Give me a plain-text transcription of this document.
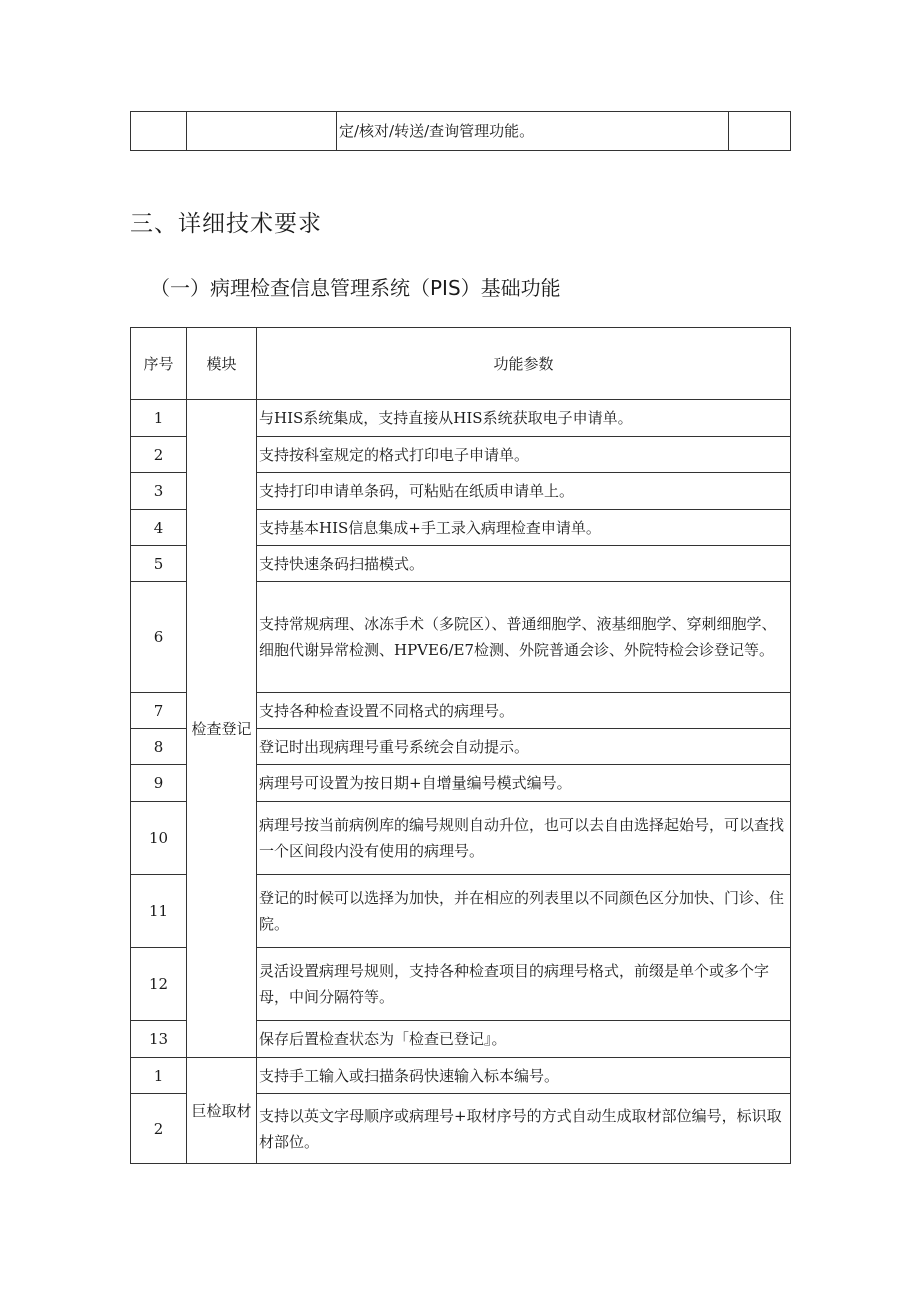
		定/核对/转送/查询管理功能。	
三、详细技术要求
（一）病理检查信息管理系统（PIS）基础功能
序号	模块	功能参数
1	检查登记	与HIS系统集成，支持直接从HIS系统获取电子申请单。
2		支持按科室规定的格式打印电子申请单。
3		支持打印申请单条码，可粘贴在纸质申请单上。
4		支持基本HIS信息集成+手工录入病理检查申请单。
5		支持快速条码扫描模式。
6		支持常规病理、冰冻手术（多院区）、普通细胞学、液基细胞学、穿刺细胞学、细胞代谢异常检测、HPVE6/E7检测、外院普通会诊、外院特检会诊登记等。
7		支持各种检查设置不同格式的病理号。
8		登记时出现病理号重号系统会自动提示。
9		病理号可设置为按日期+自增量编号模式编号。
10		病理号按当前病例库的编号规则自动升位，也可以去自由选择起始号，可以查找一个区间段内没有使用的病理号。
11		登记的时候可以选择为加快，并在相应的列表里以不同颜色区分加快、门诊、住院。
12		灵活设置病理号规则，支持各种检查项目的病理号格式，前缀是单个或多个字母，中间分隔符等。
13		保存后置检查状态为「检查已登记』。
1	巨检取材	支持手工输入或扫描条码快速输入标本编号。
2		支持以英文字母顺序或病理号+取材序号的方式自动生成取材部位编号，标识取材部位。
